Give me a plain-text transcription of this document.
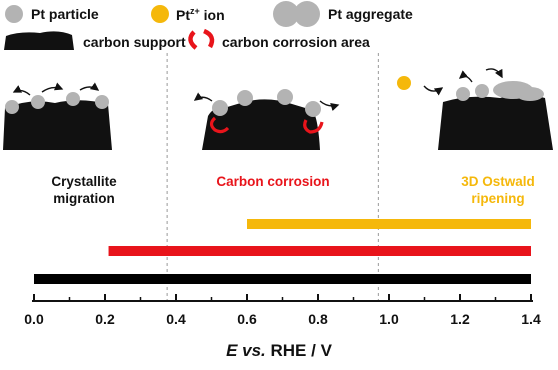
Pt particle	$Pt^{z+}$ ion	Pt aggregate
carbon support	carbon corrosion area
Crystallite
migration
Carbon corrosion	3D Ostwald
ripening
0.0	0.2	0.4	0.6	0.8	1.0	1.2	1.4
E vs. RHE / V
